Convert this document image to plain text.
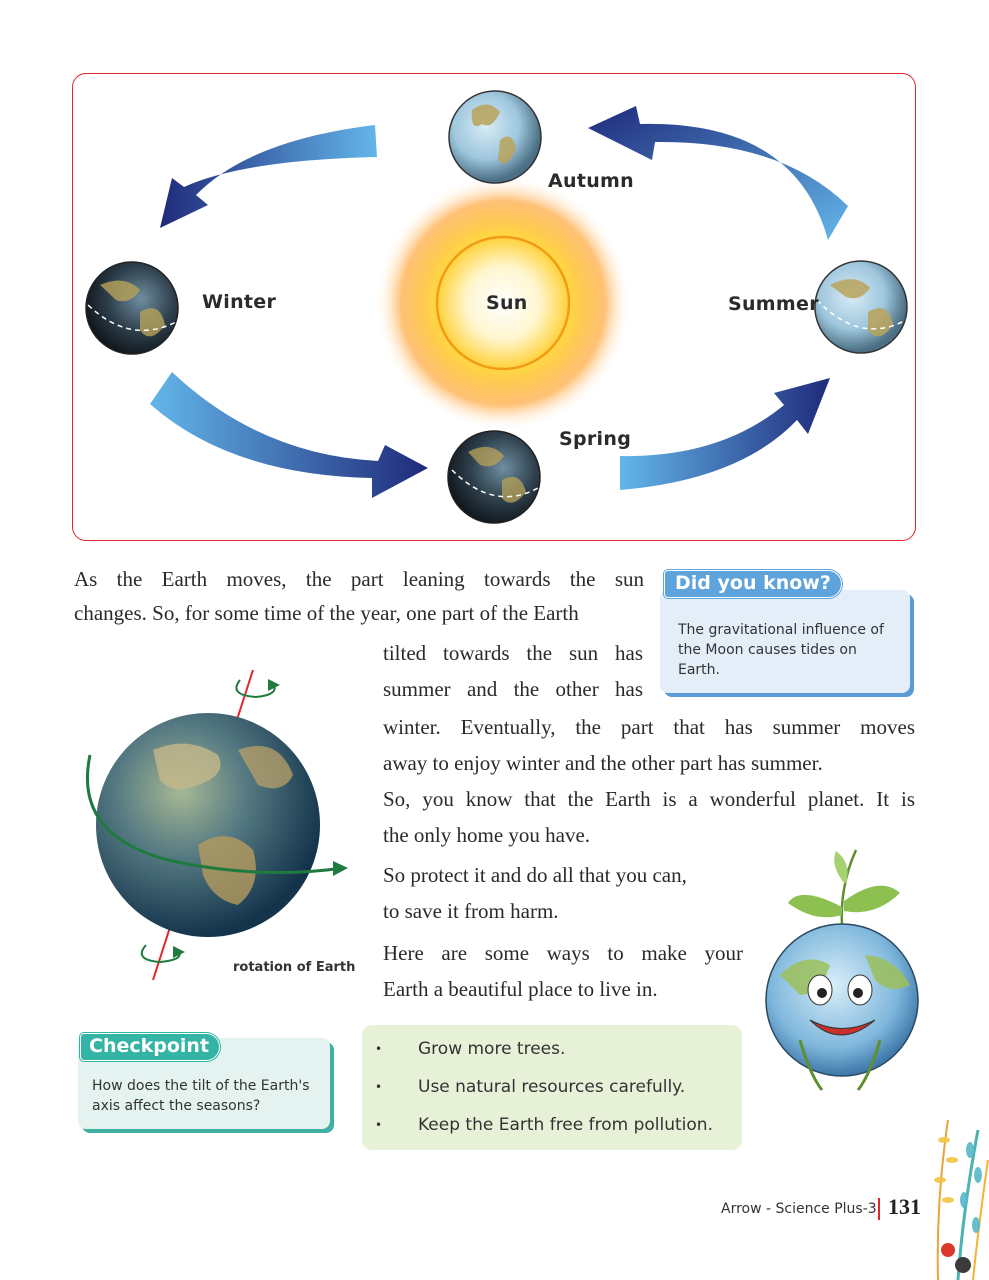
Autumn
Winter	Sun	Summer
Spring

As the Earth moves, the part leaning towards the sun

changes. So, for some time of the year, one part of the Earth

tilted towards the sun has

summer and the other has

winter. Eventually, the part that has summer moves

away to enjoy winter and the other part has summer.

So, you know that the Earth is a wonderful planet. It is

the only home you have.

So protect it and do all that you can,

to save it from harm.

Here are some ways to make your

Earth a beautiful place to live in.

Did you know?
The gravitational influence of the Moon causes tides on Earth.
rotation of Earth
Checkpoint
How does the tilt of the Earth's axis affect the seasons?
•	Grow more trees.
•	Use natural resources carefully.
•	Keep the Earth free from pollution.
Arrow - Science Plus-3 131
